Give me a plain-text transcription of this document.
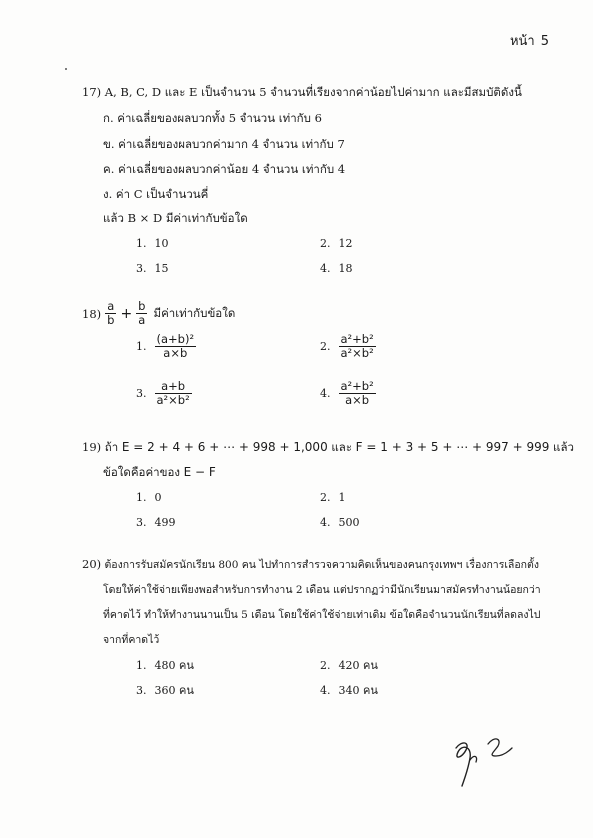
หน้า 5
17) A, B, C, D และ E เป็นจำนวน 5 จำนวนที่เรียงจากค่าน้อยไปค่ามาก และมีสมบัติดังนี้
ก. ค่าเฉลี่ยของผลบวกทั้ง 5 จำนวน เท่ากับ 6
ข. ค่าเฉลี่ยของผลบวกค่ามาก 4 จำนวน เท่ากับ 7
ค. ค่าเฉลี่ยของผลบวกค่าน้อย 4 จำนวน เท่ากับ 4
ง. ค่า C เป็นจำนวนคี่
แล้ว B × D มีค่าเท่ากับข้อใด
1. 10	2. 12
3. 15	4. 18
$18) \frac{a}{b} + \frac{b}{a}$ มีค่าเท่ากับข้อใด
1. $\frac{\text{(a+b)²}}{a\times b}$	2. $\frac{\text{a²+b²}}{\text{a²×b²}}$
3. $\frac{a+b}{\text{a²×b²}}$	4. $\frac{\text{a²+b²}}{a\times b}$
19) ถ้า E = 2 + 4 + 6 + ⋯ + 998 + 1,000 และ F = 1 + 3 + 5 + ⋯ + 997 + 999 แล้ว
ข้อใดคือค่าของ E − F
1. 0	2. 1
3. 499	4. 500
20) ต้องการรับสมัครนักเรียน 800 คน ไปทำการสำรวจความคิดเห็นของคนกรุงเทพฯ เรื่องการเลือกตั้ง
โดยให้ค่าใช้จ่ายเพียงพอสำหรับการทำงาน 2 เดือน แต่ปรากฏว่ามีนักเรียนมาสมัครทำงานน้อยกว่า
ที่คาดไว้ ทำให้ทำงานนานเป็น 5 เดือน โดยใช้ค่าใช้จ่ายเท่าเดิม ข้อใดคือจำนวนนักเรียนที่ลดลงไป
จากที่คาดไว้
1. 480 คน	2. 420 คน
3. 360 คน	4. 340 คน
